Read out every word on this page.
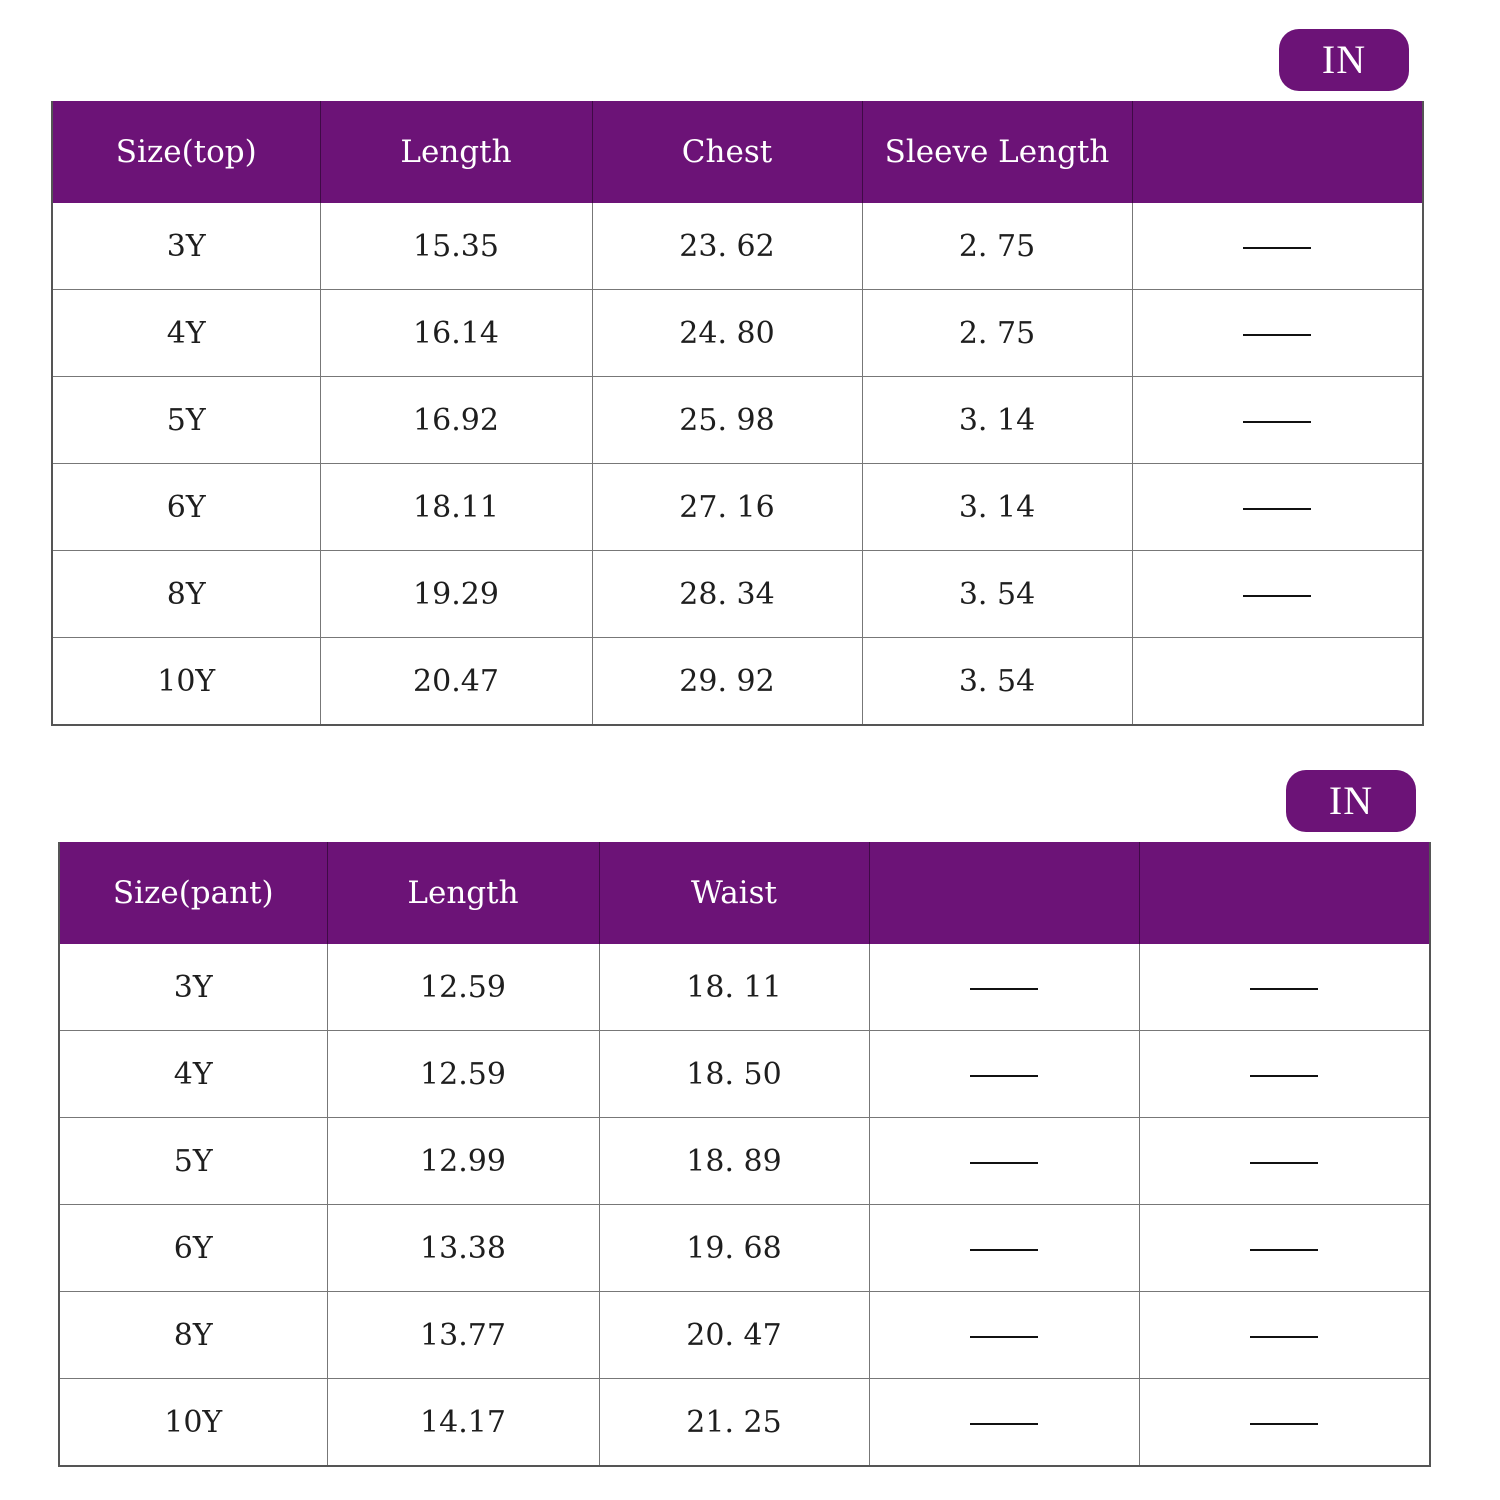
IN
Size(top)	Length	Chest	Sleeve Length	
3Y	15.35	23. 62	2. 75	
4Y	16.14	24. 80	2. 75	
5Y	16.92	25. 98	3. 14	
6Y	18.11	27. 16	3. 14	
8Y	19.29	28. 34	3. 54	
10Y	20.47	29. 92	3. 54	
IN
Size(pant)	Length	Waist		
3Y	12.59	18. 11		
4Y	12.59	18. 50		
5Y	12.99	18. 89		
6Y	13.38	19. 68		
8Y	13.77	20. 47		
10Y	14.17	21. 25		
